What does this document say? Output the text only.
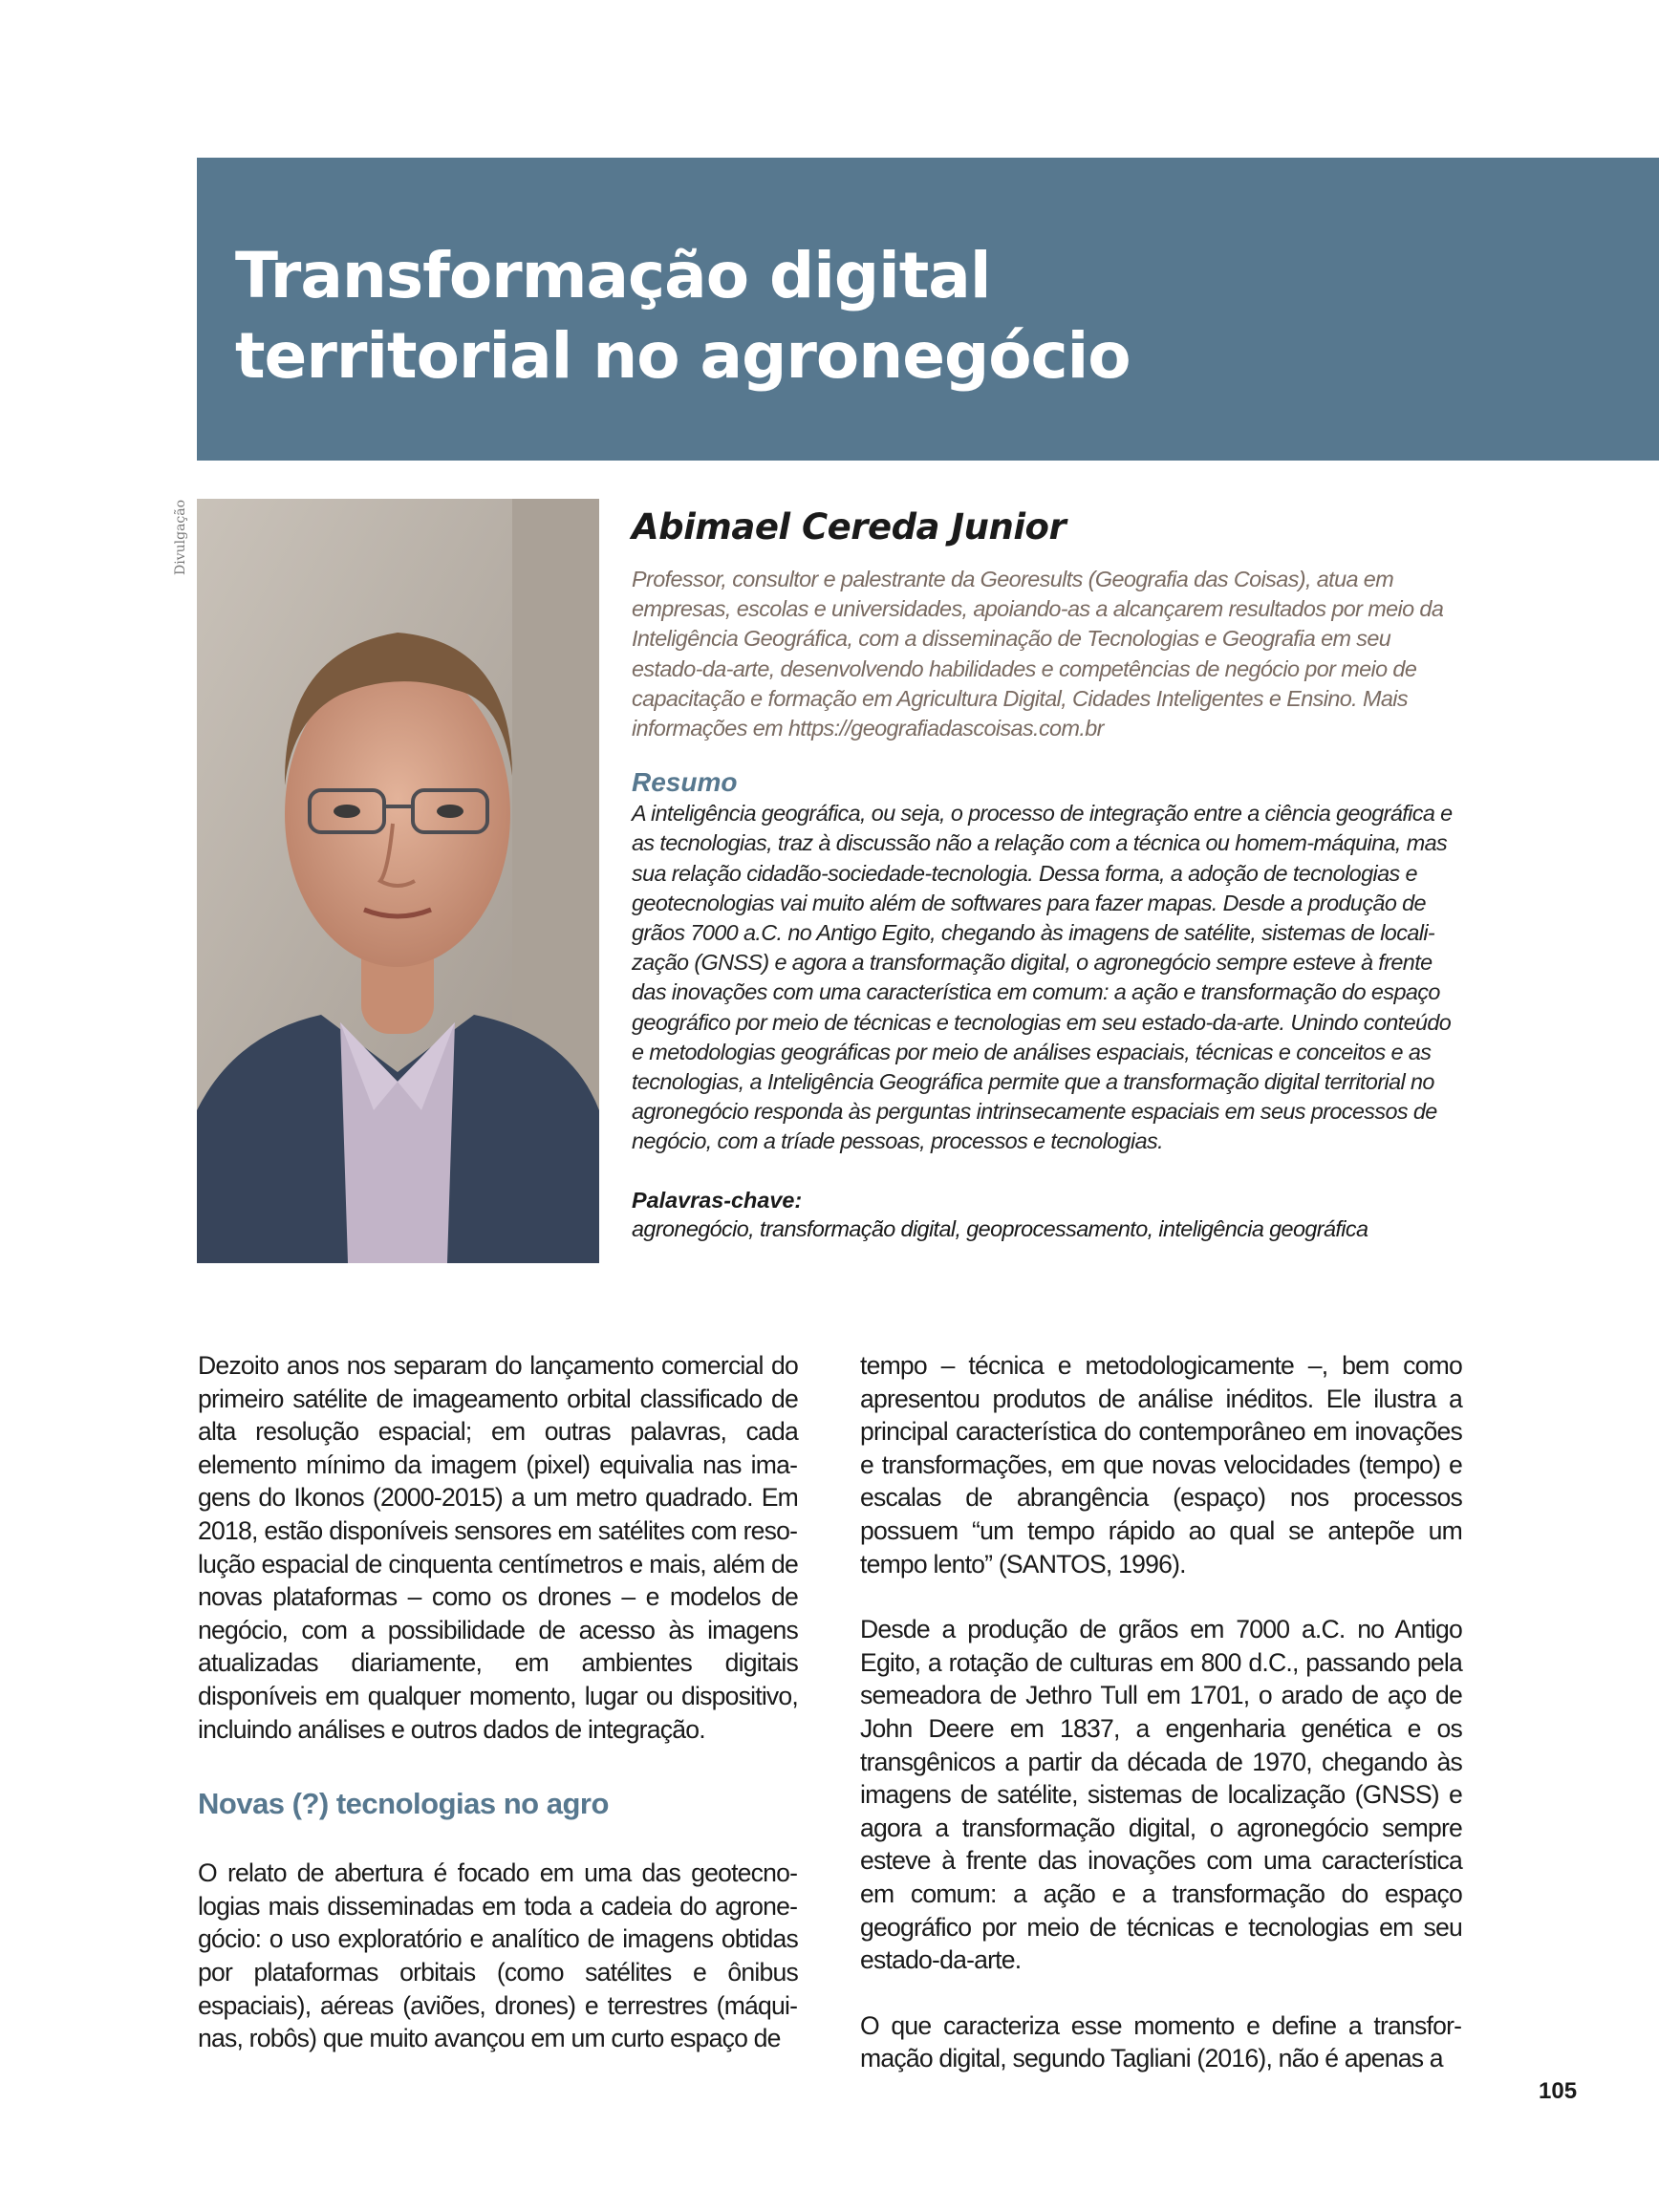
Transformação digital
territorial no agronegócio
Divulgação	Abimael Cereda Junior

Professor, consultor e palestrante da Georesults (Geografia das Coisas), atua em empresas, escolas e universidades, apoiando-as a alcançarem resultados por meio da Inteligência Geográfica, com a disseminação de Tecnologias e Geografia em seu estado-da-arte, desenvolvendo habilidades e competências de negócio por meio de capacitação e formação em Agricultura Digital, Cidades Inteligentes e Ensino. Mais informações em https://geografiadascoisas.com.br

Resumo

A inteligência geográfica, ou seja, o processo de integração entre a ciência geográfica e as tecnologias, traz à discussão não a relação com a técnica ou homem-máquina, mas sua relação cidadão-sociedade-tecnologia. Dessa forma, a adoção de tecnologias e geotecnologias vai muito além de softwares para fazer mapas. Desde a produção de grãos 7000 a.C. no Antigo Egito, chegando às imagens de satélite, sistemas de localização (GNSS) e agora a transformação digital, o agronegócio sempre esteve à frente das inovações com uma característica em comum: a ação e transformação do espaço geográfico por meio de técnicas e tecnologias em seu estado-da-arte. Unindo conteúdo e metodologias geográficas por meio de análises espaciais, técnicas e conceitos e as tecnologias, a Inteligência Geográfica permite que a transformação digital territorial no agronegócio responda às perguntas intrinsecamente espaciais em seus processos de negócio, com a tríade pessoas, processos e tecnologias.

Palavras-chave:

agronegócio, transformação digital, geoprocessamento, inteligência geográfica

Dezoito anos nos separam do lançamento comercial do primeiro satélite de imageamento orbital classificado de alta resolução espacial; em outras palavras, cada elemento mínimo da imagem (pixel) equivalia nas imagens do Ikonos (2000-2015) a um metro quadrado. Em 2018, estão disponíveis sensores em satélites com resolução espacial de cinquenta centímetros e mais, além de novas plataformas – como os drones – e modelos de negócio, com a possibilidade de acesso às imagens atualizadas diariamente, em ambientes digitais disponíveis em qualquer momento, lugar ou dispositivo, incluindo análises e outros dados de integração.

Novas (?) tecnologias no agro

O relato de abertura é focado em uma das geotecnologias mais disseminadas em toda a cadeia do agronegócio: o uso exploratório e analítico de imagens obtidas por plataformas orbitais (como satélites e ônibus espaciais), aéreas (aviões, drones) e terrestres (máquinas, robôs) que muito avançou em um curto espaço de

tempo – técnica e metodologicamente –, bem como apresentou produtos de análise inéditos. Ele ilustra a principal característica do contemporâneo em inovações e transformações, em que novas velocidades (tempo) e escalas de abrangência (espaço) nos processos possuem “um tempo rápido ao qual se antepõe um tempo lento” (SANTOS, 1996).

Desde a produção de grãos em 7000 a.C. no Antigo Egito, a rotação de culturas em 800 d.C., passando pela semeadora de Jethro Tull em 1701, o arado de aço de John Deere em 1837, a engenharia genética e os transgênicos a partir da década de 1970, chegando às imagens de satélite, sistemas de localização (GNSS) e agora a transformação digital, o agronegócio sempre esteve à frente das inovações com uma característica em comum: a ação e a transformação do espaço geográfico por meio de técnicas e tecnologias em seu estado-da-arte.

O que caracteriza esse momento e define a transformação digital, segundo Tagliani (2016), não é apenas a

105
